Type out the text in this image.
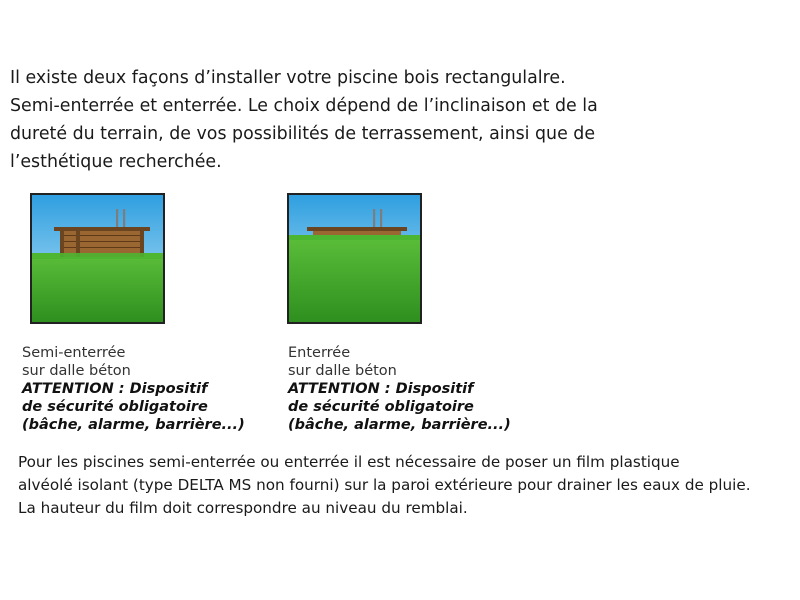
Il existe deux façons d’installer votre piscine bois rectangulalre.
Semi-enterrée et enterrée. Le choix dépend de l’inclinaison et de la
dureté du terrain, de vos possibilités de terrassement, ainsi que de
l’esthétique recherchée.
Semi-enterrée
sur dalle béton
ATTENTION : Dispositif
de sécurité obligatoire
(bâche, alarme, barrière...)
Enterrée
sur dalle béton
ATTENTION : Dispositif
de sécurité obligatoire
(bâche, alarme, barrière...)
Pour les piscines semi-enterrée ou enterrée il est nécessaire de poser un film plastique
alvéolé isolant (type DELTA MS non fourni) sur la paroi extérieure pour drainer les eaux de pluie.
La hauteur du film doit correspondre au niveau du remblai.
